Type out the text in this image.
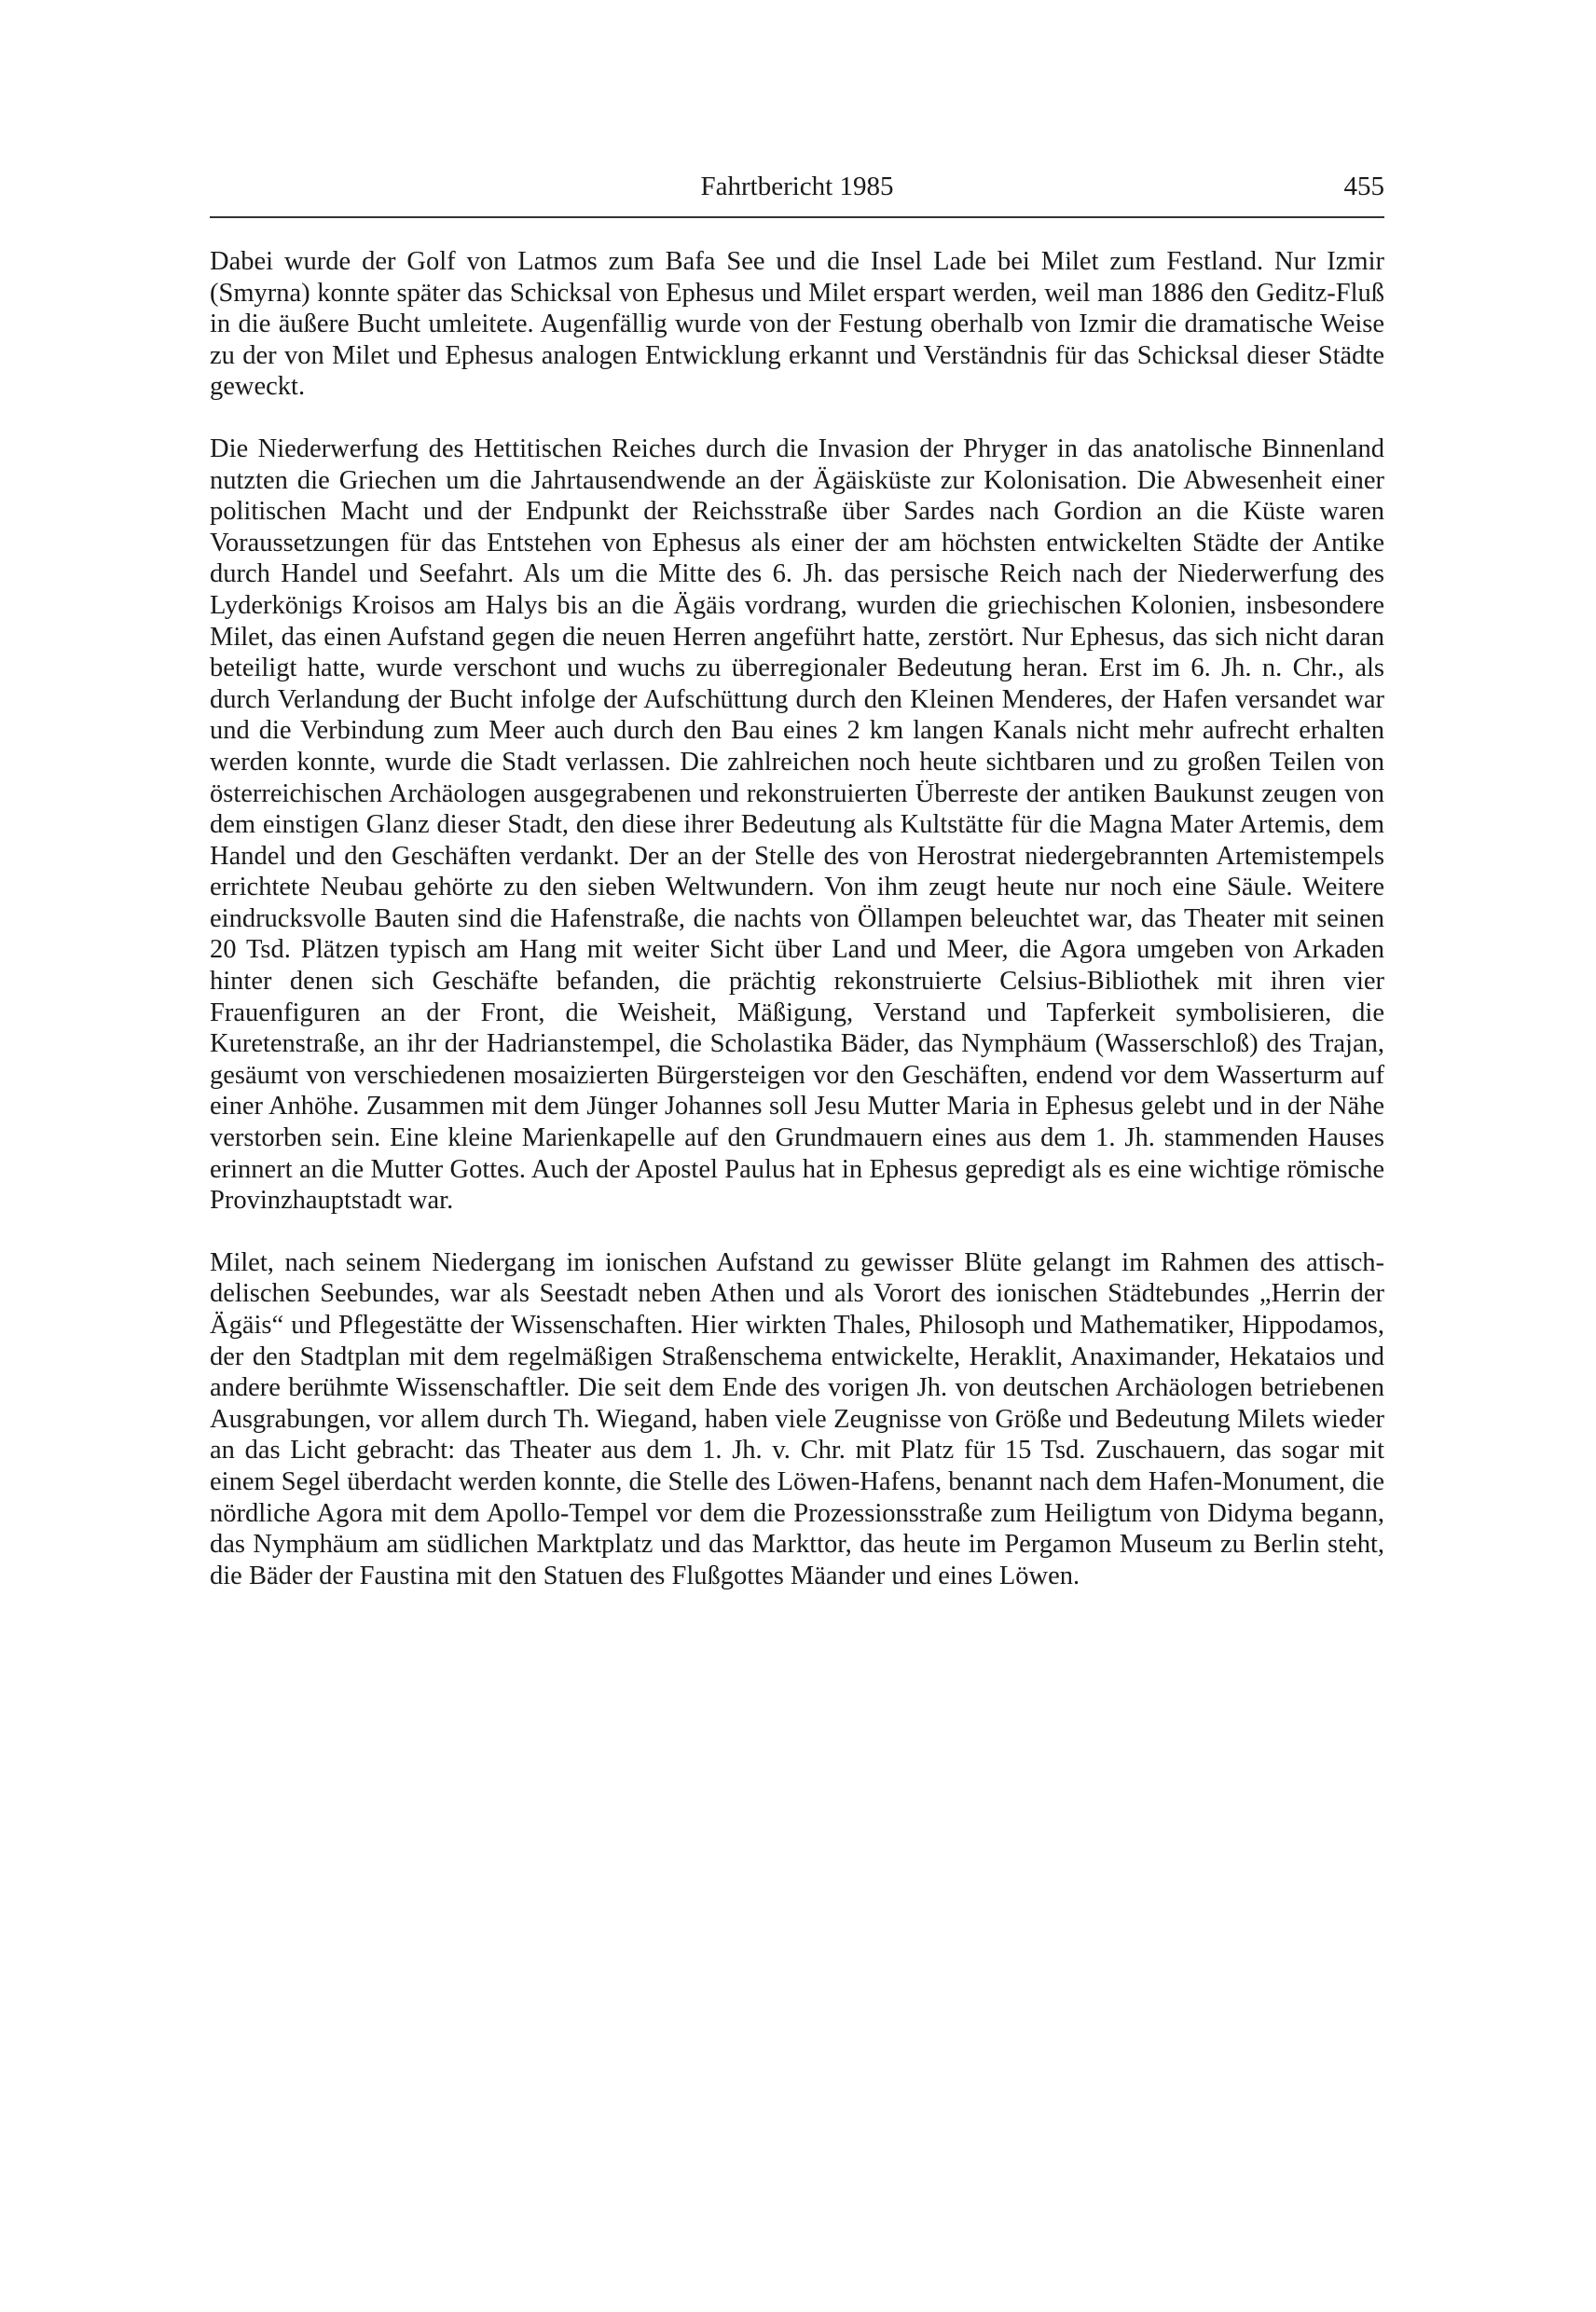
Fahrtbericht 1985	455

Dabei wurde der Golf von Latmos zum Bafa See und die Insel Lade bei Milet zum Festland. Nur Izmir (Smyrna) konnte später das Schicksal von Ephesus und Milet erspart werden, weil man 1886 den Geditz-Fluß in die äußere Bucht umleitete. Augenfällig wurde von der Festung oberhalb von Izmir die dramatische Weise zu der von Milet und Ephesus analogen Entwicklung erkannt und Verständnis für das Schicksal dieser Städte geweckt.

Die Niederwerfung des Hettitischen Reiches durch die Invasion der Phryger in das anatolische Binnenland nutzten die Griechen um die Jahrtausendwende an der Ägäisküste zur Kolonisation. Die Abwesenheit einer politischen Macht und der Endpunkt der Reichsstraße über Sardes nach Gordion an die Küste waren Voraussetzungen für das Entstehen von Ephesus als einer der am höchsten entwickelten Städte der Antike durch Handel und Seefahrt. Als um die Mitte des 6. Jh. das persische Reich nach der Niederwerfung des Lyderkönigs Kroisos am Halys bis an die Ägäis vordrang, wurden die griechischen Kolonien, insbesondere Milet, das einen Aufstand gegen die neuen Herren angeführt hatte, zerstört. Nur Ephesus, das sich nicht daran beteiligt hatte, wurde verschont und wuchs zu überregionaler Bedeutung heran. Erst im 6. Jh. n. Chr., als durch Verlandung der Bucht infolge der Aufschüttung durch den Kleinen Menderes, der Hafen versandet war und die Verbindung zum Meer auch durch den Bau eines 2 km langen Kanals nicht mehr aufrecht erhalten werden konnte, wurde die Stadt verlassen. Die zahlreichen noch heute sichtbaren und zu großen Teilen von österreichischen Archäologen ausgegrabenen und rekonstruierten Überreste der antiken Baukunst zeugen von dem einstigen Glanz dieser Stadt, den diese ihrer Bedeutung als Kultstätte für die Magna Mater Artemis, dem Handel und den Geschäften verdankt. Der an der Stelle des von Herostrat niedergebrannten Artemistempels errichtete Neubau gehörte zu den sieben Weltwundern. Von ihm zeugt heute nur noch eine Säule. Weitere eindrucksvolle Bauten sind die Hafenstraße, die nachts von Öllampen beleuchtet war, das Theater mit seinen 20 Tsd. Plätzen typisch am Hang mit weiter Sicht über Land und Meer, die Agora umgeben von Arkaden hinter denen sich Geschäfte befanden, die prächtig rekonstruierte Celsius-Bibliothek mit ihren vier Frauenfiguren an der Front, die Weisheit, Mäßigung, Verstand und Tapferkeit symbolisieren, die Kuretenstraße, an ihr der Hadrianstempel, die Scholastika Bäder, das Nymphäum (Wasserschloß) des Trajan, gesäumt von verschiedenen mosaizierten Bürgersteigen vor den Geschäften, endend vor dem Wasserturm auf einer Anhöhe. Zusammen mit dem Jünger Johannes soll Jesu Mutter Maria in Ephesus gelebt und in der Nähe verstorben sein. Eine kleine Marienkapelle auf den Grundmauern eines aus dem 1. Jh. stammenden Hauses erinnert an die Mutter Gottes. Auch der Apostel Paulus hat in Ephesus gepredigt als es eine wichtige römische Provinzhauptstadt war.

Milet, nach seinem Niedergang im ionischen Aufstand zu gewisser Blüte gelangt im Rahmen des attisch-delischen Seebundes, war als Seestadt neben Athen und als Vorort des ionischen Städtebundes „Herrin der Ägäis“ und Pflegestätte der Wissenschaften. Hier wirkten Thales, Philosoph und Mathematiker, Hippodamos, der den Stadtplan mit dem regelmäßigen Straßenschema entwickelte, Heraklit, Anaximander, Hekataios und andere berühmte Wissenschaftler. Die seit dem Ende des vorigen Jh. von deutschen Archäologen betriebenen Ausgrabungen, vor allem durch Th. Wiegand, haben viele Zeugnisse von Größe und Bedeutung Milets wieder an das Licht gebracht: das Theater aus dem 1. Jh. v. Chr. mit Platz für 15 Tsd. Zuschauern, das sogar mit einem Segel überdacht werden konnte, die Stelle des Löwen-Hafens, benannt nach dem Hafen-Monument, die nördliche Agora mit dem Apollo-Tempel vor dem die Prozessionsstraße zum Heiligtum von Didyma begann, das Nymphäum am südlichen Marktplatz und das Markttor, das heute im Pergamon Museum zu Berlin steht, die Bäder der Faustina mit den Statuen des Flußgottes Mäander und eines Löwen.
